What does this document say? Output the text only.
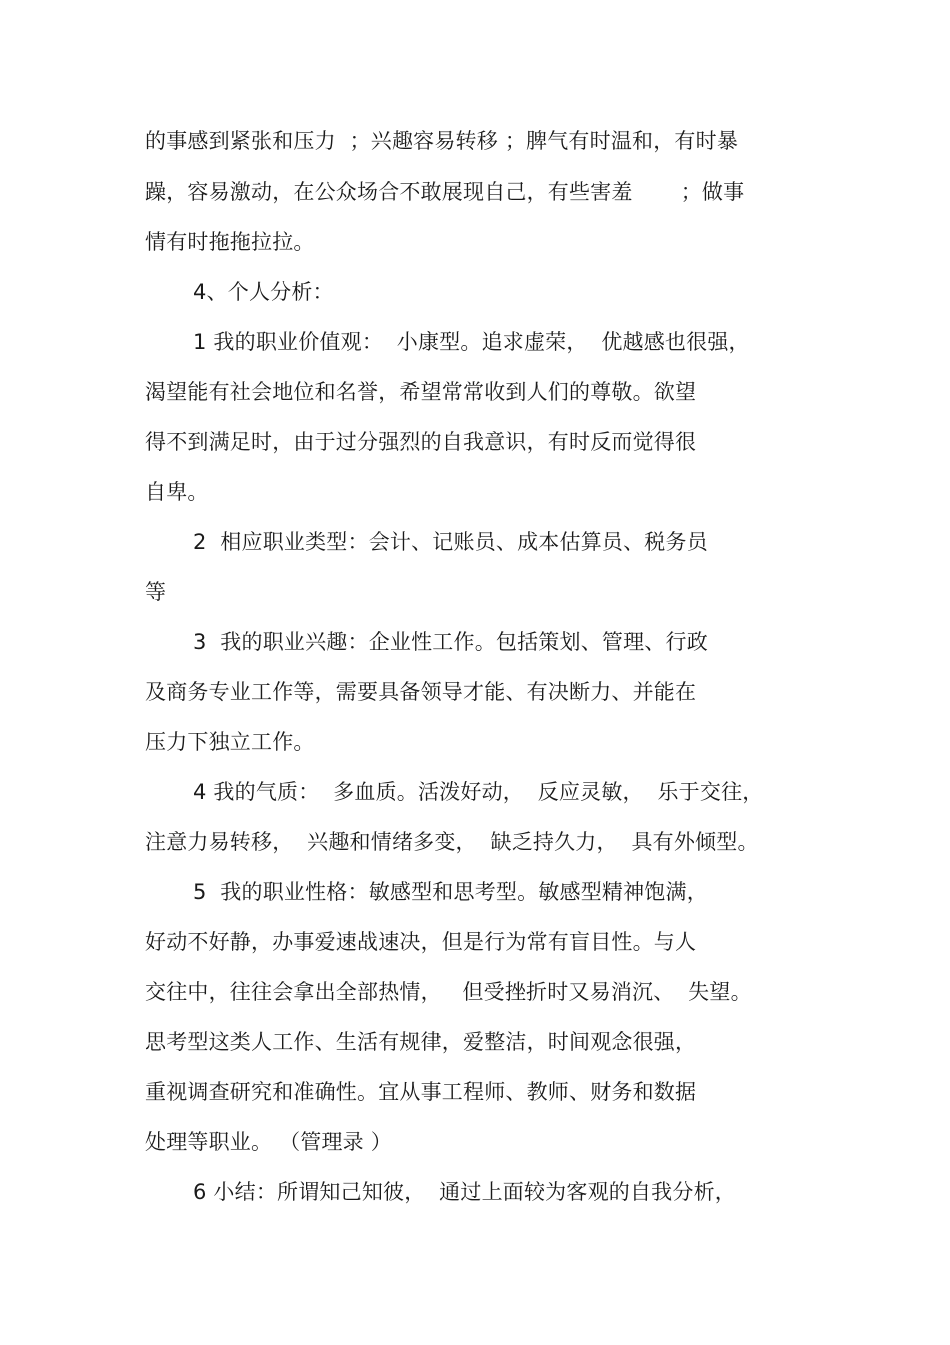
的事感到紧张和压力  ；兴趣容易转移 ；脾气有时温和，有时暴
躁，容易激动，在公众场合不敢展现自己，有些害羞       ；做事
情有时拖拖拉拉。
4、个人分析：
1 我的职业价值观：  小康型。追求虚荣，  优越感也很强，
渴望能有社会地位和名誉，希望常常收到人们的尊敬。欲望
得不到满足时，由于过分强烈的自我意识，有时反而觉得很
自卑。
2  相应职业类型：会计、记账员、成本估算员、税务员
等
3  我的职业兴趣：企业性工作。包括策划、管理、行政
及商务专业工作等，需要具备领导才能、有决断力、并能在
压力下独立工作。
4 我的气质：  多血质。活泼好动，  反应灵敏，  乐于交往，
注意力易转移，  兴趣和情绪多变，  缺乏持久力，  具有外倾型。
5  我的职业性格：敏感型和思考型。敏感型精神饱满，
好动不好静，办事爱速战速决，但是行为常有盲目性。与人
交往中，往往会拿出全部热情，   但受挫折时又易消沉、  失望。
思考型这类人工作、生活有规律，爱整洁，时间观念很强，
重视调查研究和准确性。宜从事工程师、教师、财务和数据
处理等职业。 （管理录 ）
6 小结：所谓知己知彼，  通过上面较为客观的自我分析，
